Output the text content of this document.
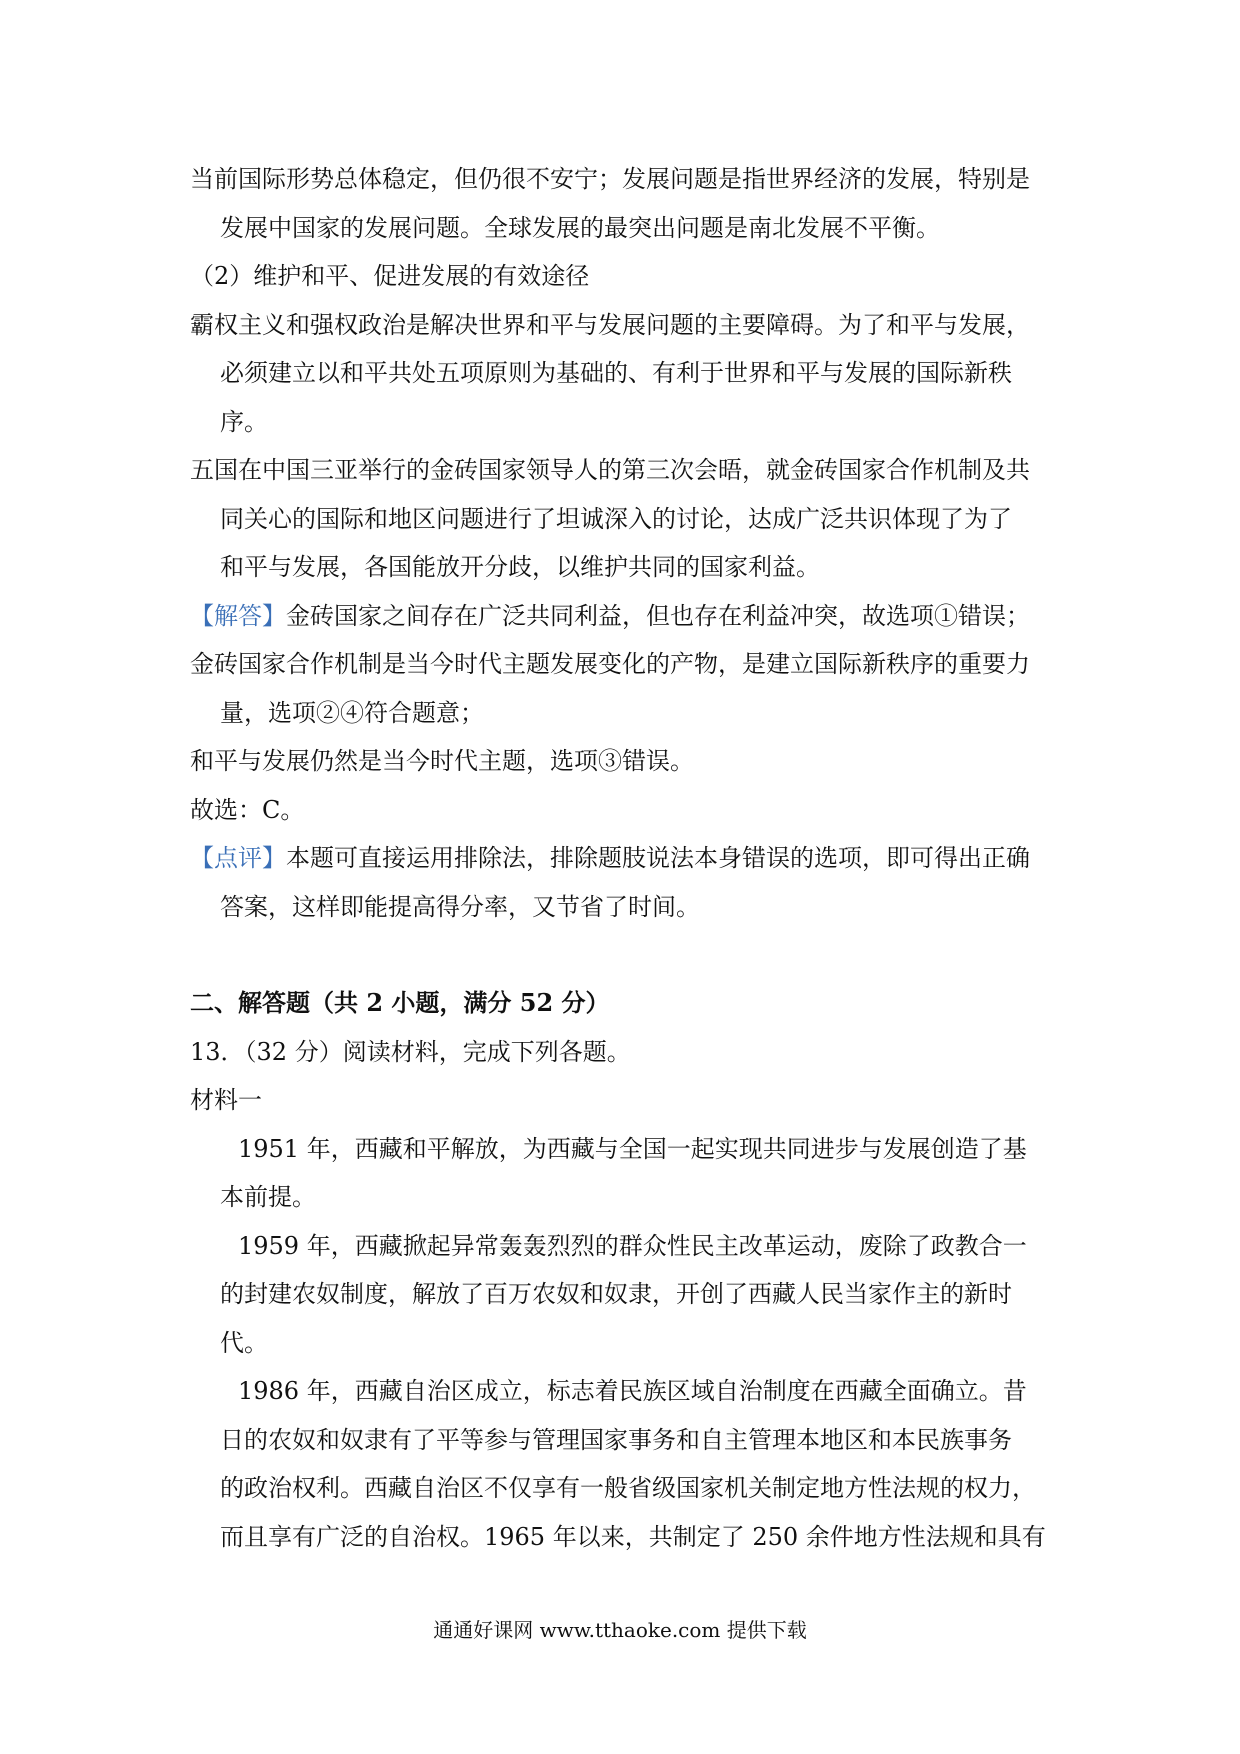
当前国际形势总体稳定，但仍很不安宁；发展问题是指世界经济的发展，特别是
发展中国家的发展问题。全球发展的最突出问题是南北发展不平衡。
（2）维护和平、促进发展的有效途径
霸权主义和强权政治是解决世界和平与发展问题的主要障碍。为了和平与发展，
必须建立以和平共处五项原则为基础的、有利于世界和平与发展的国际新秩
序。
五国在中国三亚举行的金砖国家领导人的第三次会晤，就金砖国家合作机制及共
同关心的国际和地区问题进行了坦诚深入的讨论，达成广泛共识体现了为了
和平与发展，各国能放开分歧，以维护共同的国家利益。
【解答】金砖国家之间存在广泛共同利益，但也存在利益冲突，故选项①错误；
金砖国家合作机制是当今时代主题发展变化的产物，是建立国际新秩序的重要力
量，选项②④符合题意；
和平与发展仍然是当今时代主题，选项③错误。
故选：C。
【点评】本题可直接运用排除法，排除题肢说法本身错误的选项，即可得出正确
答案，这样即能提高得分率，又节省了时间。
二、解答题（共 2 小题，满分 52 分）
13．（32 分）阅读材料，完成下列各题。
材料一
1951 年，西藏和平解放，为西藏与全国一起实现共同进步与发展创造了基
本前提。
1959 年，西藏掀起异常轰轰烈烈的群众性民主改革运动，废除了政教合一
的封建农奴制度，解放了百万农奴和奴隶，开创了西藏人民当家作主的新时
代。
1986 年，西藏自治区成立，标志着民族区域自治制度在西藏全面确立。昔
日的农奴和奴隶有了平等参与管理国家事务和自主管理本地区和本民族事务
的政治权利。西藏自治区不仅享有一般省级国家机关制定地方性法规的权力，
而且享有广泛的自治权。1965 年以来，共制定了 250 余件地方性法规和具有
通通好课网 www.tthaoke.com 提供下载
